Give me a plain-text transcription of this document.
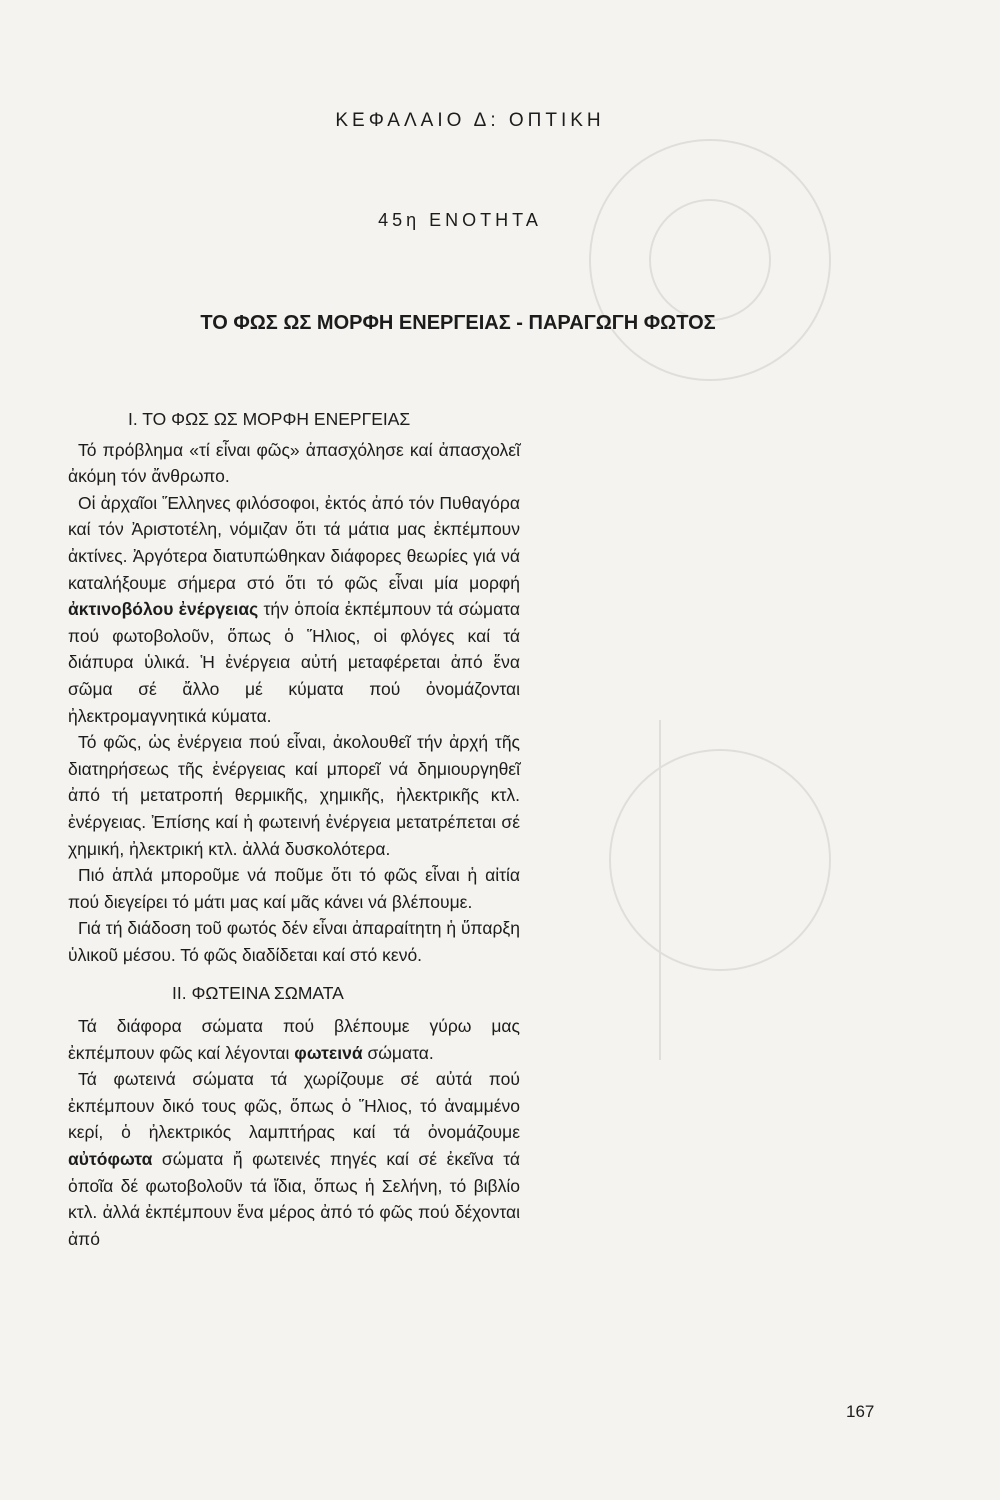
ΚΕΦΑΛΑΙΟ Δ: ΟΠΤΙΚΗ
45η ΕΝΟΤΗΤΑ
ΤΟ ΦΩΣ ΩΣ ΜΟΡΦΗ ΕΝΕΡΓΕΙΑΣ - ΠΑΡΑΓΩΓΗ ΦΩΤΟΣ
Ι. ΤΟ ΦΩΣ ΩΣ ΜΟΡΦΗ ΕΝΕΡΓΕΙΑΣ

Τό πρόβλημα «τί εἶναι φῶς» ἀπασχόλησε καί ἀπασχολεῖ ἀκόμη τόν ἄνθρωπο.

Οἱ ἀρχαῖοι Ἕλληνες φιλόσοφοι, ἐκτός ἀπό τόν Πυθαγόρα καί τόν Ἀριστοτέλη, νόμιζαν ὅτι τά μάτια μας ἐκπέμπουν ἀκτίνες. Ἀργότερα διατυπώθηκαν διάφορες θεωρίες γιά νά καταλήξουμε σήμερα στό ὅτι τό φῶς εἶναι μία μορφή ἀκτινοβόλου ἐνέργειας τήν ὁποία ἐκπέμπουν τά σώματα πού φωτοβολοῦν, ὅπως ὁ Ἥλιος, οἱ φλόγες καί τά διάπυρα ὑλικά. Ἡ ἐνέργεια αὐτή μεταφέρεται ἀπό ἕνα σῶμα σέ ἄλλο μέ κύματα πού ὀνομάζονται ἠλεκτρομαγνητικά κύματα.

Τό φῶς, ὡς ἐνέργεια πού εἶναι, ἀκολουθεῖ τήν ἀρχή τῆς διατηρήσεως τῆς ἐνέργειας καί μπορεῖ νά δημιουργηθεῖ ἀπό τή μετατροπή θερμικῆς, χημικῆς, ἠλεκτρικῆς κτλ. ἐνέργειας. Ἐπίσης καί ἡ φωτεινή ἐνέργεια μετατρέπεται σέ χημική, ἠλεκτρική κτλ. ἀλλά δυσκολότερα.

Πιό ἁπλά μποροῦμε νά ποῦμε ὅτι τό φῶς εἶναι ἡ αἰτία πού διεγείρει τό μάτι μας καί μᾶς κάνει νά βλέπουμε.

Γιά τή διάδοση τοῦ φωτός δέν εἶναι ἀπαραίτητη ἡ ὕπαρξη ὑλικοῦ μέσου. Τό φῶς διαδίδεται καί στό κενό.

ΙΙ. ΦΩΤΕΙΝΑ ΣΩΜΑΤΑ

Τά διάφορα σώματα πού βλέπουμε γύρω μας ἐκπέμπουν φῶς καί λέγονται φωτεινά σώματα.

Τά φωτεινά σώματα τά χωρίζουμε σέ αὐτά πού ἐκπέμπουν δικό τους φῶς, ὅπως ὁ Ἥλιος, τό ἀναμμένο κερί, ὁ ἠλεκτρικός λαμπτήρας καί τά ὀνομάζουμε αὐτόφωτα σώματα ἤ φωτεινές πηγές καί σέ ἐκεῖνα τά ὁποῖα δέ φωτοβολοῦν τά ἴδια, ὅπως ἡ Σελήνη, τό βιβλίο κτλ. ἀλλά ἐκπέμπουν ἕνα μέρος ἀπό τό φῶς πού δέχονται ἀπό

167
